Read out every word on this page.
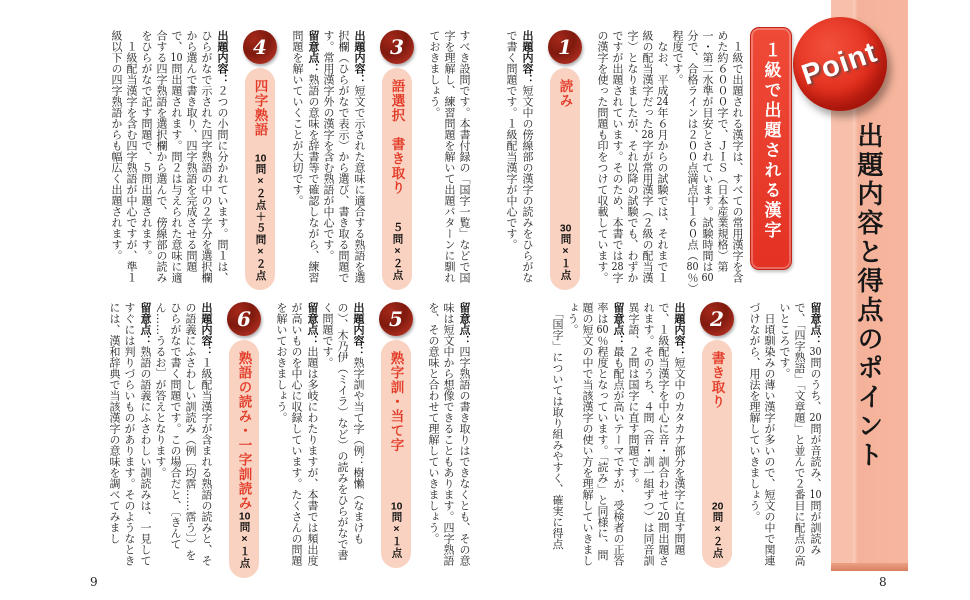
出題内容と得点のポイント
Point
１級で出題される漢字

　１級で出題される漢字は、すべての常用漢字を含めた約６０００字で、ＪＩＳ（日本産業規格）第一・第二水準が目安とされています。試験時間は60分で、合格ラインは２００点満点中１６０点（80％）程度です。

　なお、平成24年６月からの試験では、それまで１級の配当漢字だった28字が常用漢字（２級の配当漢字）となりましたが、それ以降の試験でも、わずかですが出題されています。そのため、本書では28字の漢字を使った問題も印をつけて収載しています。

1
読み
30問×１点

出題内容：短文中の傍線部の漢字の読みをひらがなで書く問題です。１級配当漢字が中心です。

留意点：30問のうち、20問が音読み、10問が訓読みで、「四字熟語」「文章題」と並んで２番目に配点の高いところです。

　日頃馴染みの薄い漢字が多いので、短文の中で関連づけながら、用法を理解していきましょう。

2
書き取り
20問×２点

出題内容：短文中のカタカナ部分を漢字に直す問題で、１級配当漢字を中心に音・訓合わせて20問出題されます。そのうち、４問（音・訓一組ずつ）は同音訓異字語、２問は国字に直す問題です。

留意点：最も配点が高いテーマですが、受検者の正答率は60％程度となっています。「読み」と同様に、問題の短文の中で当該漢字の使い方を理解していきましょう。

　「国字」については取り組みやすく、確実に得点

すべき設問です。本書付録の「国字一覧」などで国字を理解し、練習問題を解いて出題パターンに馴れておきましょう。

3
語選択　書き取り
５問×２点

出題内容：短文で示された意味に適合する熟語を選択欄（ひらがなで表示）から選び、書き取る問題です。常用漢字外の漢字を含む熟語が中心です。

留意点：熟語の意味を辞書等で確認しながら、練習問題を解いていくことが大切です。

4
四字熟語
10問×２点＋５問×２点

出題内容：２つの小問に分かれています。問１は、ひらがなで示された四字熟語の中の２字分を選択欄から選んで書き取り、四字熟語を完成させる問題で、10問出題されます。問２は与えられた意味に適合する四字熟語を選択欄から選んで、傍線部の読みをひらがなで記す問題で、５問出題されます。

　１級配当漢字を含む四字熟語が中心ですが、準１級以下の四字熟語からも幅広く出題されます。

留意点：四字熟語の書き取りはできなくとも、その意味は短文中から想像できることもあります。四字熟語を、その意味と合わせて理解していきましょう。

5
熟字訓・当て字
10問×１点

出題内容：熟字訓や当て字（例：樹懶（なまけもの）、木乃伊（ミイラ）など）の読みをひらがなで書く問題です。

留意点：出題は多岐にわたりますが、本書では頻出度が高いものを中心に収録しています。たくさんの問題を解いておきましょう。

6
熟語の読み・一字訓読み
10問×１点

出題内容：１級配当漢字が含まれる熟語の読みと、その語義にふさわしい訓読み（例〔均霑……霑う〕）をひらがなで書く問題です。この場合だと、〔きんてん……うるお〕が答えとなります。

留意点：熟語の語義にふさわしい訓読みは、一見してすぐには判りづらいものがあります。そのようなときには、漢和辞典で当該漢字の意味を調べてみまし

9	8
